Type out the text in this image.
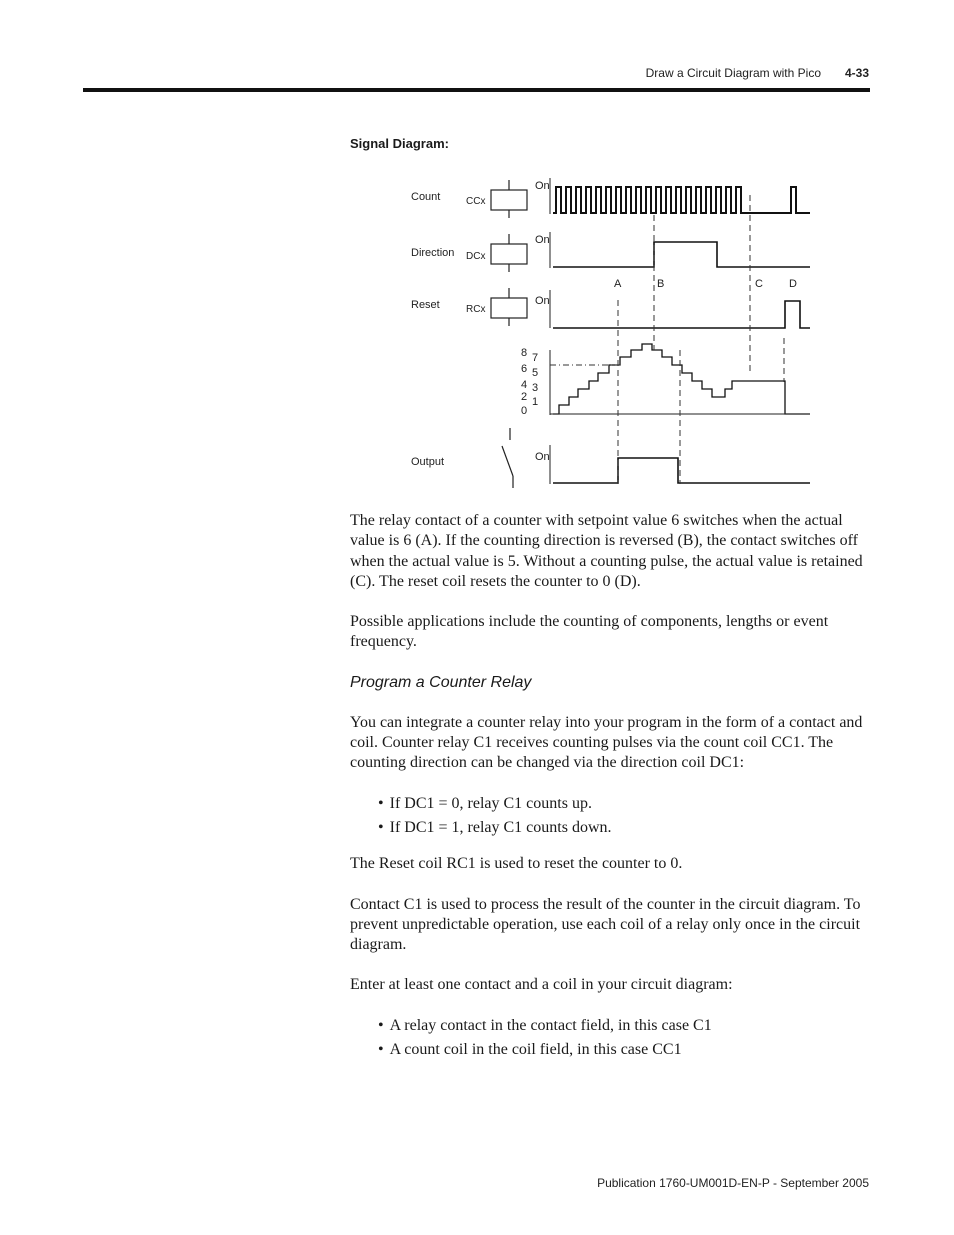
Draw a Circuit Diagram with Pico 4-33
Signal Diagram:
Count	CCx
Direction DCx
Reset	RCx
Output
On
On
On
On
8
6
4
2
0
7
5
3
1
A	B	C D

The relay contact of a counter with setpoint value 6 switches when the actual value is 6 (A). If the counting direction is reversed (B), the contact switches off when the actual value is 5. Without a counting pulse, the actual value is retained (C). The reset coil resets the counter to 0 (D).

Possible applications include the counting of components, lengths or event frequency.

Program a Counter Relay

You can integrate a counter relay into your program in the form of a contact and coil. Counter relay C1 receives counting pulses via the count coil CC1. The counting direction can be changed via the direction coil DC1:

• If DC1 = 0, relay C1 counts up.
• If DC1 = 1, relay C1 counts down.

The Reset coil RC1 is used to reset the counter to 0.

Contact C1 is used to process the result of the counter in the circuit diagram. To prevent unpredictable operation, use each coil of a relay only once in the circuit diagram.

Enter at least one contact and a coil in your circuit diagram:

• A relay contact in the contact field, in this case C1
• A count coil in the coil field, in this case CC1
Publication 1760-UM001D-EN-P - September 2005
